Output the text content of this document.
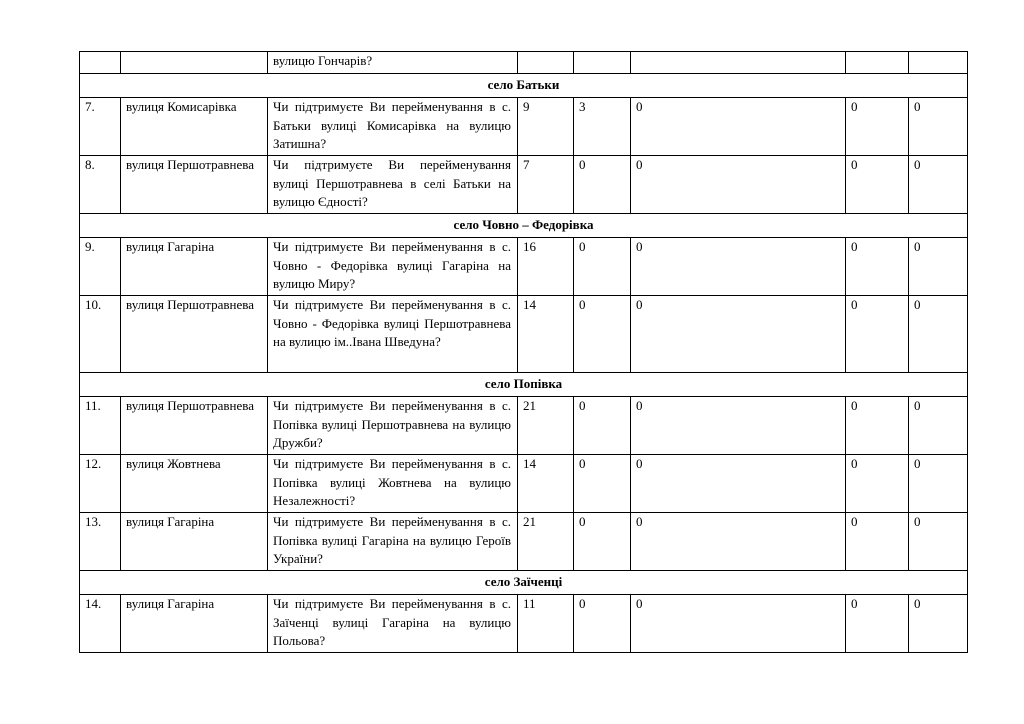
		вулицю Гончарів?					
село Батьки							
7.	вулиця Комисарівка	Чи підтримуєте Ви перейменування в с. Батьки вулиці Комисарівка на вулицю Затишна?	9	3	0	0	0
8.	вулиця Першотравнева	Чи підтримуєте Ви перейменування вулиці Першотравнева в селі Батьки на вулицю Єдності?	7	0	0	0	0
село Човно – Федорівка							
9.	вулиця Гагаріна	Чи підтримуєте Ви перейменування в с. Човно - Федорівка вулиці Гагаріна на вулицю Миру?	16	0	0	0	0
10.	вулиця Першотравнева	Чи підтримуєте Ви перейменування в с. Човно - Федорівка вулиці Першотравнева на вулицю ім..Івана Шведуна?	14	0	0	0	0
село Попівка							
11.	вулиця Першотравнева	Чи підтримуєте Ви перейменування в с. Попівка вулиці Першотравнева на вулицю Дружби?	21	0	0	0	0
12.	вулиця Жовтнева	Чи підтримуєте Ви перейменування в с. Попівка вулиці Жовтнева на вулицю Незалежності?	14	0	0	0	0
13.	вулиця Гагаріна	Чи підтримуєте Ви перейменування в с. Попівка вулиці Гагаріна на вулицю Героїв України?	21	0	0	0	0
село Заїченці							
14.	вулиця Гагаріна	Чи підтримуєте Ви перейменування в с. Заїченці вулиці Гагаріна на вулицю Польова?	11	0	0	0	0
